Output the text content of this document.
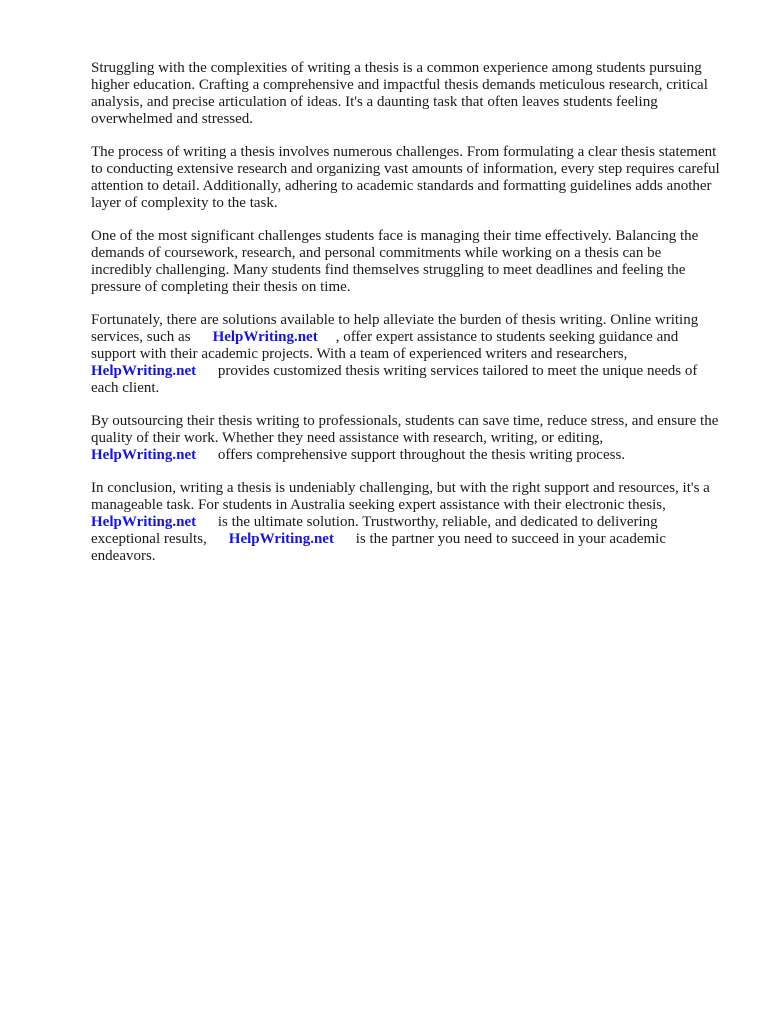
Struggling with the complexities of writing a thesis is a common experience among students pursuing higher education. Crafting a comprehensive and impactful thesis demands meticulous research, critical analysis, and precise articulation of ideas. It's a daunting task that often leaves students feeling overwhelmed and stressed.

The process of writing a thesis involves numerous challenges. From formulating a clear thesis statement to conducting extensive research and organizing vast amounts of information, every step requires careful attention to detail. Additionally, adhering to academic standards and formatting guidelines adds another layer of complexity to the task.

One of the most significant challenges students face is managing their time effectively. Balancing the demands of coursework, research, and personal commitments while working on a thesis can be incredibly challenging. Many students find themselves struggling to meet deadlines and feeling the pressure of completing their thesis on time.

Fortunately, there are solutions available to help alleviate the burden of thesis writing. Online writing services, such as HelpWriting.net , offer expert assistance to students seeking guidance and support with their academic projects. With a team of experienced writers and researchers, HelpWriting.net provides customized thesis writing services tailored to meet the unique needs of each client.

By outsourcing their thesis writing to professionals, students can save time, reduce stress, and ensure the quality of their work. Whether they need assistance with research, writing, or editing, HelpWriting.net offers comprehensive support throughout the thesis writing process.

In conclusion, writing a thesis is undeniably challenging, but with the right support and resources, it's a manageable task. For students in Australia seeking expert assistance with their electronic thesis, HelpWriting.net is the ultimate solution. Trustworthy, reliable, and dedicated to delivering exceptional results, HelpWriting.net is the partner you need to succeed in your academic endeavors.
